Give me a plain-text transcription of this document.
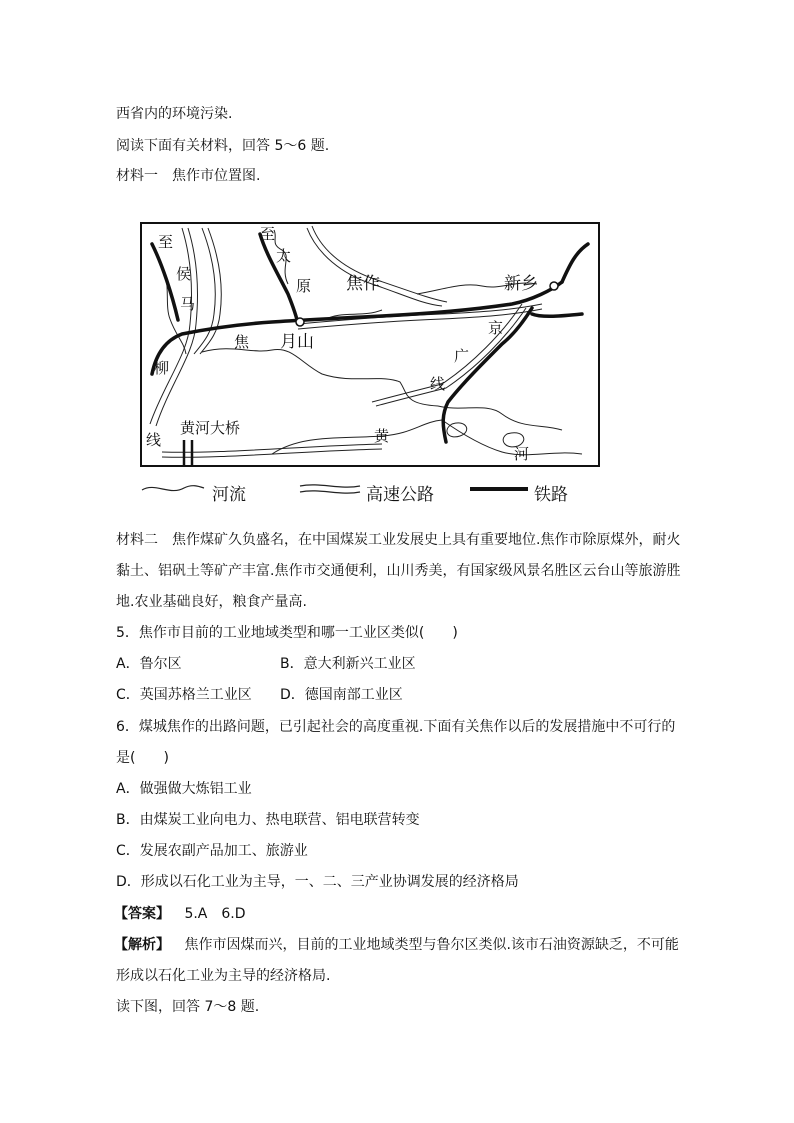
西省内的环境污染.
阅读下面有关材料，回答 5～6 题.
材料一　焦作市位置图.
至
侯
马
至
太
原 焦作	新乡
京
广
线
焦 月山
柳
线
黄河大桥	黄
河
河流	高速公路	铁路
材料二　焦作煤矿久负盛名，在中国煤炭工业发展史上具有重要地位.焦作市除原煤外，耐火
黏土、铝矾土等矿产丰富.焦作市交通便利，山川秀美，有国家级风景名胜区云台山等旅游胜
地.农业基础良好，粮食产量高.
5．焦作市目前的工业地域类型和哪一工业区类似(　　)
A．鲁尔区	B．意大利新兴工业区
C．英国苏格兰工业区 D．德国南部工业区
6．煤城焦作的出路问题，已引起社会的高度重视.下面有关焦作以后的发展措施中不可行的
是(　　)
A．做强做大炼铝工业
B．由煤炭工业向电力、热电联营、铝电联营转变
C．发展农副产品加工、旅游业
D．形成以石化工业为主导，一、二、三产业协调发展的经济格局
【答案】 5.A　6.D
【解析】 焦作市因煤而兴，目前的工业地域类型与鲁尔区类似.该市石油资源缺乏，不可能
形成以石化工业为主导的经济格局.
读下图，回答 7～8 题.
